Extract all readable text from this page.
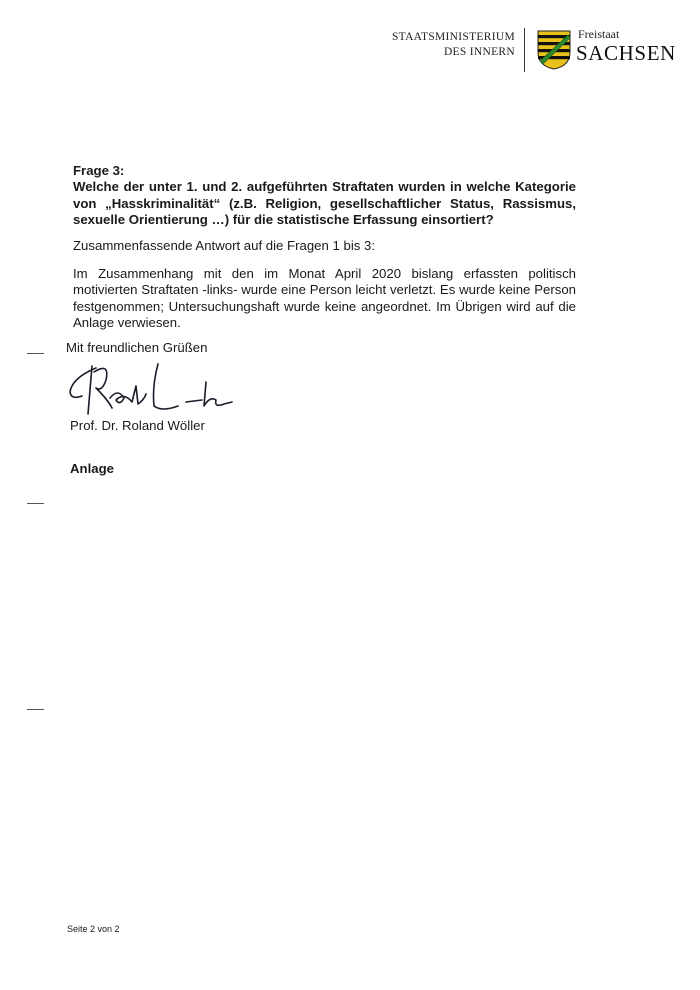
STAATSMINISTERIUM
DES INNERN
Freistaat
SACHSEN
Frage 3:
Welche der unter 1. und 2. aufgeführten Straftaten wurden in welche Kategorie von „Hasskriminalität“ (z.B. Religion, gesellschaftlicher Status, Rassismus, sexuelle Orientierung …) für die statistische Erfassung einsortiert?
Zusammenfassende Antwort auf die Fragen 1 bis 3:
Im Zusammenhang mit den im Monat April 2020 bislang erfassten politisch motivierten Straftaten -links- wurde eine Person leicht verletzt. Es wurde keine Person festgenommen; Untersuchungshaft wurde keine angeordnet. Im Übrigen wird auf die Anlage verwiesen.
Mit freundlichen Grüßen
Prof. Dr. Roland Wöller
Anlage
Seite 2 von 2
